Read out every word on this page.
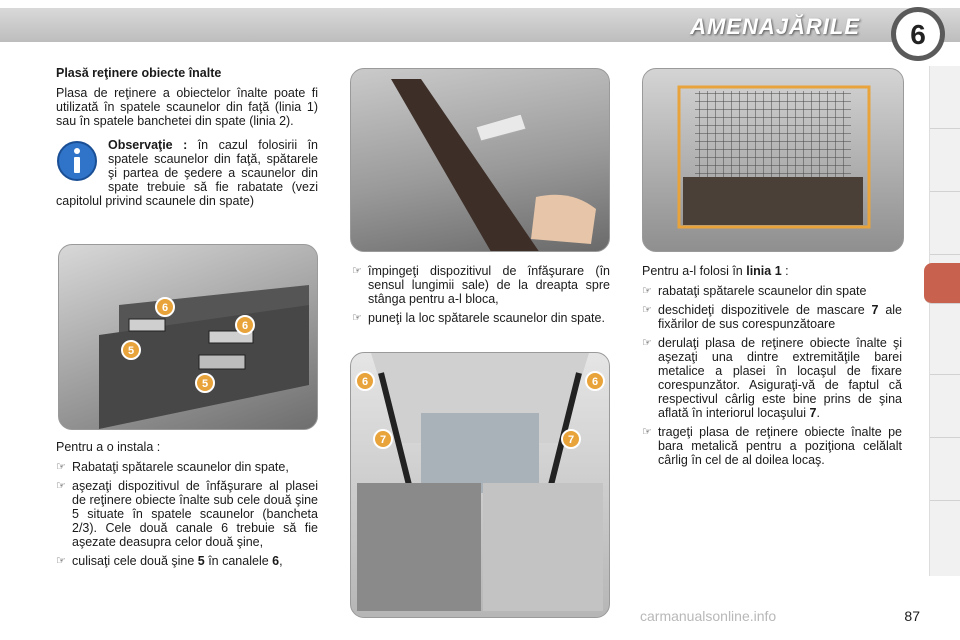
AMENAJĂRILE 6
Plasă reţinere obiecte înalte

Plasa de reţinere a obiectelor înalte poate fi utilizată în spatele scaunelor din faţă (linia 1) sau în spatele banchetei din spate (linia 2).

Observaţie : în cazul folosirii în spatele scaunelor din faţă, spătarele şi partea de şedere a scaunelor din spate trebuie să fie rabatate (vezi capitolul privind scaunele din spate)

6
6
5
5

Pentru a o instala :

☞ Rabataţi spătarele scaunelor din spate,
☞ aşezaţi dispozitivul de înfăşurare al plasei de reţinere obiecte înalte sub cele două şine 5 situate în spatele scaunelor (bancheta 2/3). Cele două canale 6 trebuie să fie aşezate deasupra celor două şine,
☞ culisaţi cele două şine 5 în canalele 6,
☞ împingeţi dispozitivul de înfăşurare (în sensul lungimii sale) de la dreapta spre stânga pentru a-l bloca,
☞ puneţi la loc spătarele scaunelor din spate.
6	6
7	7

Pentru a-l folosi în linia 1 :

☞ rabataţi spătarele scaunelor din spate
☞ deschideţi dispozitivele de mascare 7 ale fixărilor de sus corespunzătoare
☞ derulaţi plasa de reţinere obiecte înalte şi aşezaţi una dintre extremităţile barei metalice a plasei în locaşul de fixare corespunzător. Asiguraţi-vă de faptul că respectivul cârlig este bine prins de şina aflată în interiorul locaşului 7.
☞ trageţi plasa de reţinere obiecte înalte pe bara metalică pentru a poziţiona celălalt cârlig în cel de al doilea locaş.
carmanualsonline.info	87
